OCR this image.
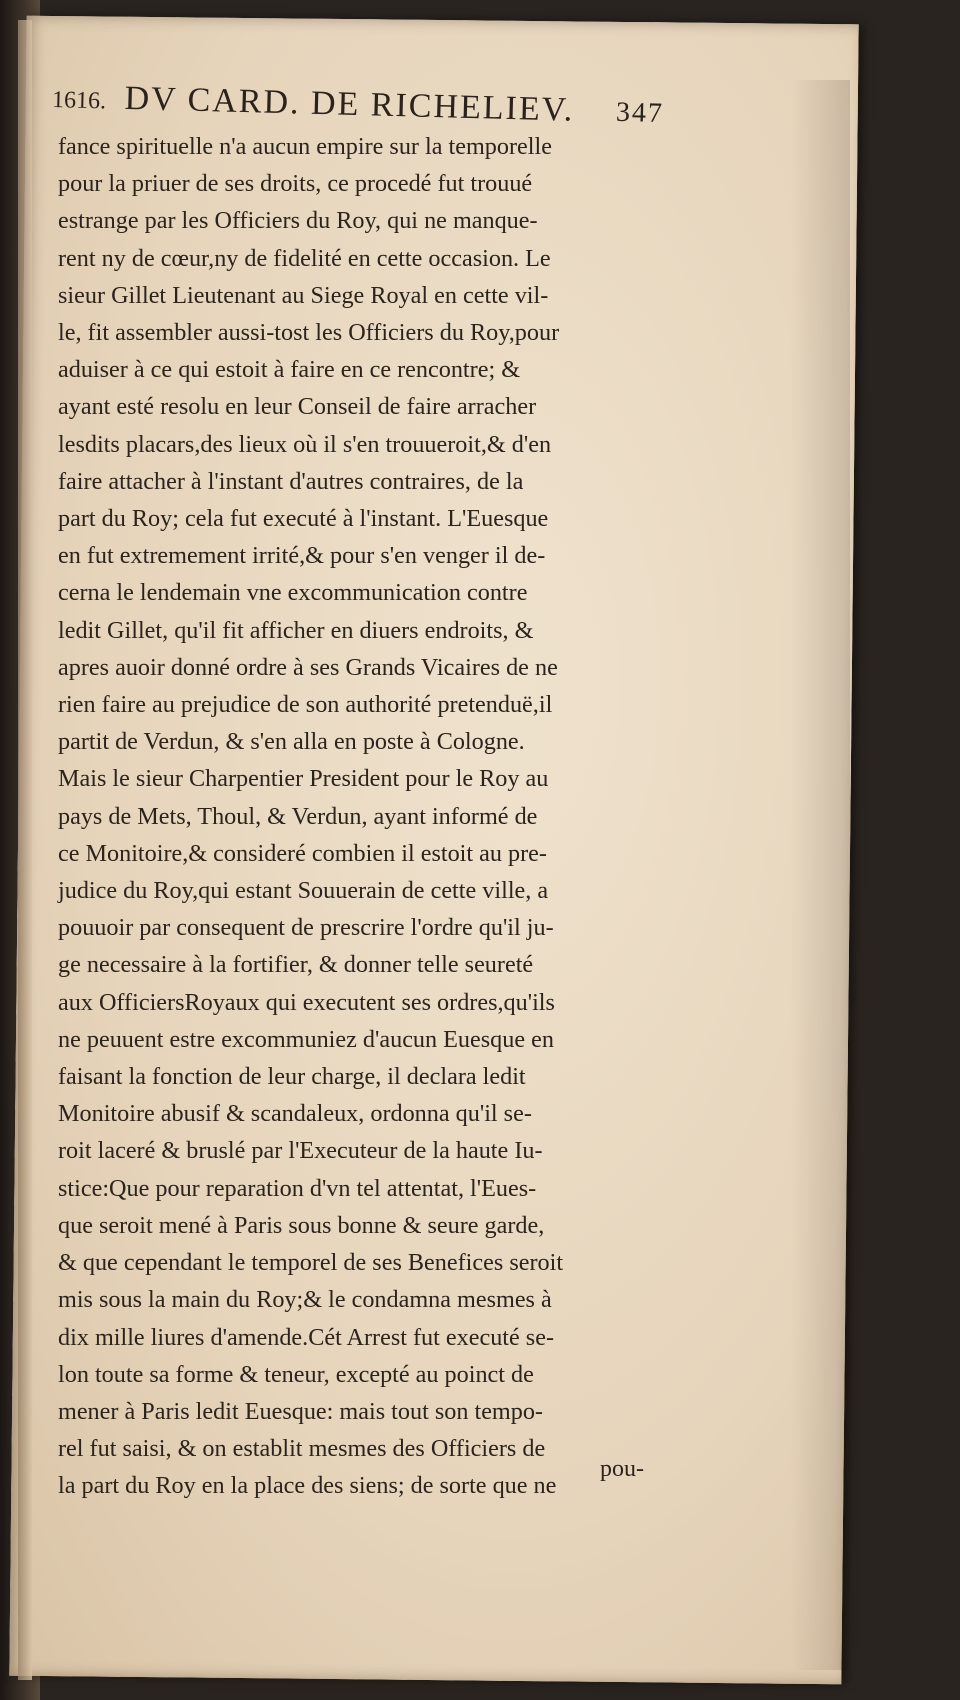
1616. DV CARD. DE RICHELIEV. 347
fance spirituelle n'a aucun empire sur la temporelle
pour la priuer de ses droits, ce procedé fut trouué
estrange par les Officiers du Roy, qui ne manque-
rent ny de cœur,ny de fidelité en cette occasion. Le
sieur Gillet Lieutenant au Siege Royal en cette vil-
le, fit assembler aussi-tost les Officiers du Roy,pour
aduiser à ce qui estoit à faire en ce rencontre; &
ayant esté resolu en leur Conseil de faire arracher
lesdits placars,des lieux où il s'en trouueroit,& d'en
faire attacher à l'instant d'autres contraires, de la
part du Roy; cela fut executé à l'instant. L'Euesque
en fut extremement irrité,& pour s'en venger il de-
cerna le lendemain vne excommunication contre
ledit Gillet, qu'il fit afficher en diuers endroits, &
apres auoir donné ordre à ses Grands Vicaires de ne
rien faire au prejudice de son authorité pretenduë,il
partit de Verdun, & s'en alla en poste à Cologne.
Mais le sieur Charpentier President pour le Roy au
pays de Mets, Thoul, & Verdun, ayant informé de
ce Monitoire,& consideré combien il estoit au pre-
judice du Roy,qui estant Souuerain de cette ville, a
pouuoir par consequent de prescrire l'ordre qu'il ju-
ge necessaire à la fortifier, & donner telle seureté
aux OfficiersRoyaux qui executent ses ordres,qu'ils
ne peuuent estre excommuniez d'aucun Euesque en
faisant la fonction de leur charge, il declara ledit
Monitoire abusif & scandaleux, ordonna qu'il se-
roit laceré & bruslé par l'Executeur de la haute Iu-
stice:Que pour reparation d'vn tel attentat, l'Eues-
que seroit mené à Paris sous bonne & seure garde,
& que cependant le temporel de ses Benefices seroit
mis sous la main du Roy;& le condamna mesmes à
dix mille liures d'amende.Cét Arrest fut executé se-
lon toute sa forme & teneur, excepté au poinct de
mener à Paris ledit Euesque: mais tout son tempo-
rel fut saisi, & on establit mesmes des Officiers de
la part du Roy en la place des siens; de sorte que ne
pou-
